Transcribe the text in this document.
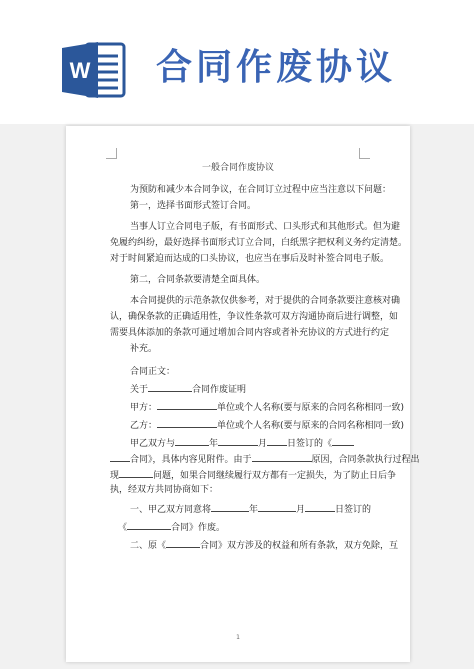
W 合同作废协议
一般合同作废协议
为预防和减少本合同争议，在合同订立过程中应当注意以下问题：
第一，选择书面形式签订合同。
当事人订立合同电子版，有书面形式、口头形式和其他形式。但为避
免履约纠纷，最好选择书面形式订立合同，白纸黑字把权利义务约定清楚。
对于时间紧迫而达成的口头协议，也应当在事后及时补签合同电子版。
第二，合同条款要清楚全面具体。
本合同提供的示范条款仅供参考，对于提供的合同条款要注意核对确
认，确保条款的正确适用性，争议性条款可双方沟通协商后进行调整，如
需要具体添加的条款可通过增加合同内容或者补充协议的方式进行约定
补充。
合同正文：
关于	合同作废证明
甲方：	单位或个人名称(要与原来的合同名称相同一致)
乙方：	单位或个人名称(要与原来的合同名称相同一致)
甲乙双方与	年	月 日签订的《
合同》，具体内容见附件。由于	原因，合同条款执行过程出
现	问题，如果合同继续履行双方都有一定损失，为了防止日后争
执，经双方共同协商如下：
一、甲乙双方同意将	年	月	日签订的
《	合同》作废。
二、原《	合同》双方涉及的权益和所有条款，双方免除，互
1
